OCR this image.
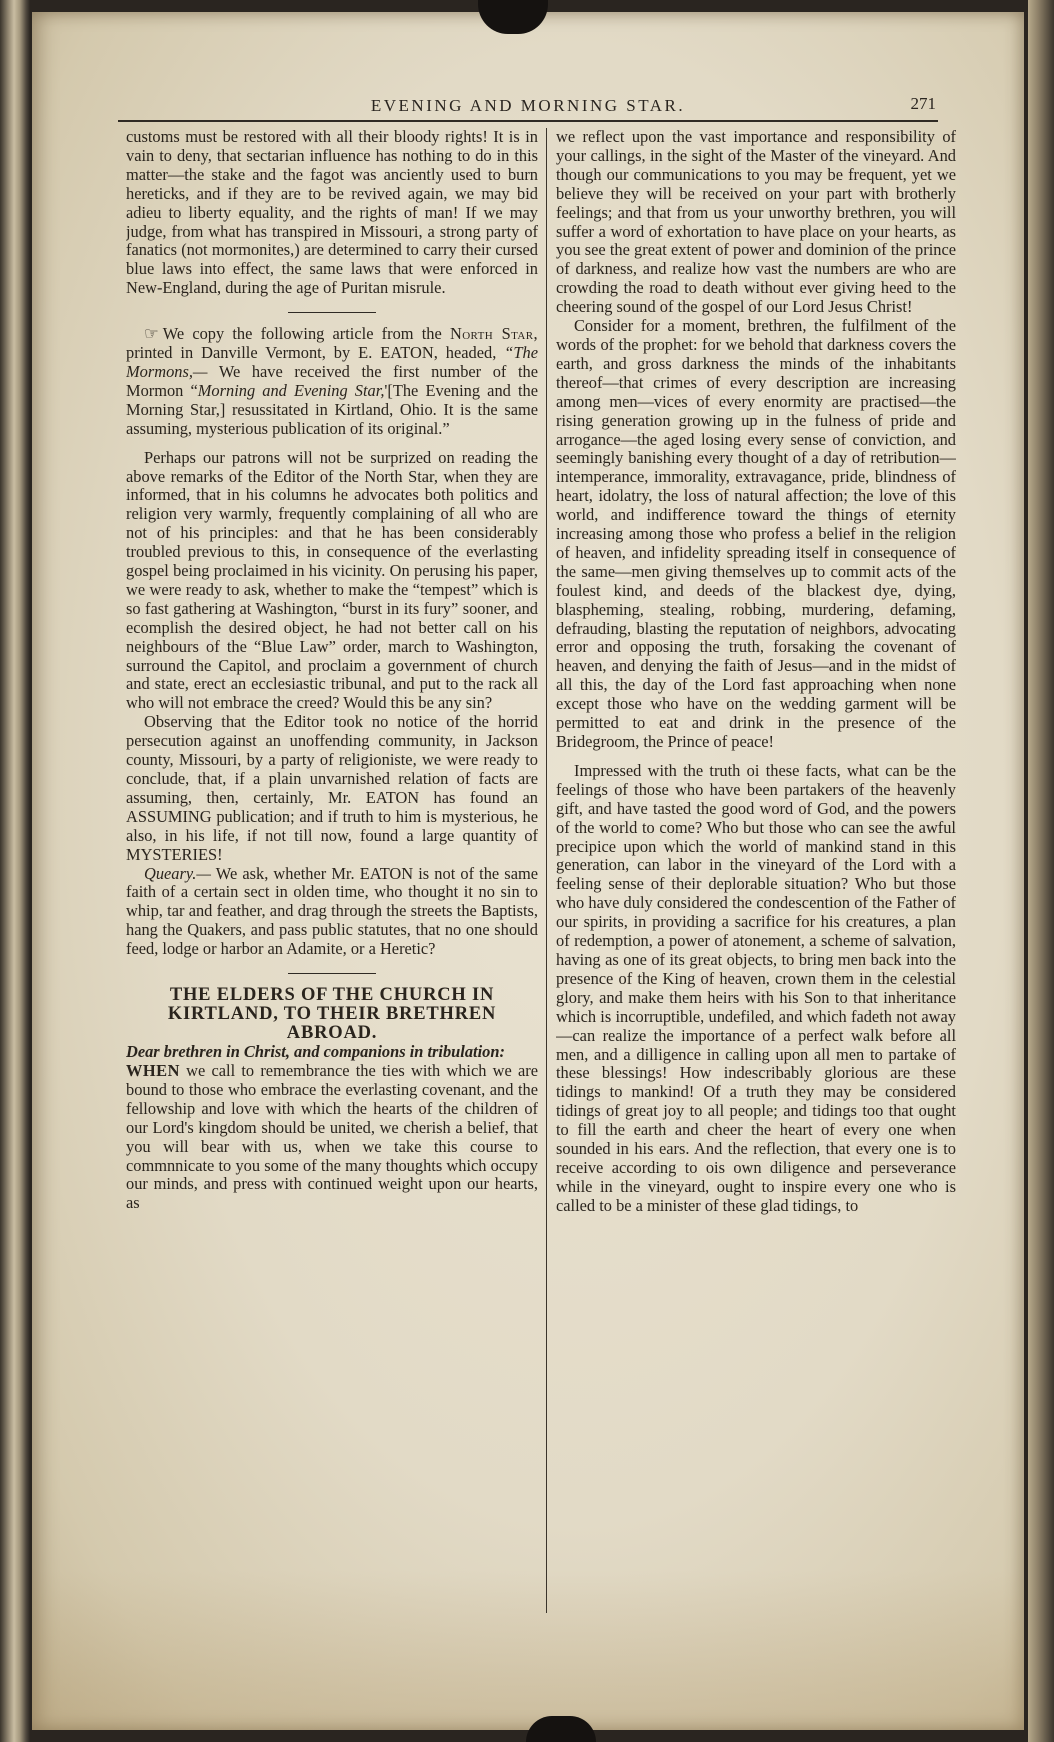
EVENING AND MORNING STAR.	271

customs must be restored with all their bloody rights! It is in vain to deny, that sectarian influence has nothing to do in this matter—the stake and the fagot was anciently used to burn hereticks, and if they are to be revived again, we may bid adieu to liberty equality, and the rights of man! If we may judge, from what has transpired in Missouri, a strong party of fanatics (not mormonites,) are determined to carry their cursed blue laws into effect, the same laws that were enforced in New-England, during the age of Puritan misrule.

☞ We copy the following article from the North Star, printed in Danville Vermont, by E. EATON, headed, “The Mormons,— We have received the first number of the Mormon “Morning and Evening Star,'[The Evening and the Morning Star,] resussitated in Kirtland, Ohio. It is the same assuming, mysterious publication of its original.”

Perhaps our patrons will not be surprized on reading the above remarks of the Editor of the North Star, when they are informed, that in his columns he advocates both politics and religion very warmly, frequently complaining of all who are not of his principles: and that he has been considerably troubled previous to this, in consequence of the everlasting gospel being proclaimed in his vicinity. On perusing his paper, we were ready to ask, whether to make the “tempest” which is so fast gathering at Washington, “burst in its fury” sooner, and ecomplish the desired object, he had not better call on his neighbours of the “Blue Law” order, march to Washington, surround the Capitol, and proclaim a government of church and state, erect an ecclesiastic tribunal, and put to the rack all who will not embrace the creed? Would this be any sin?

Observing that the Editor took no notice of the horrid persecution against an unoffending community, in Jackson county, Missouri, by a party of religioniste, we were ready to conclude, that, if a plain unvarnished relation of facts are assuming, then, certainly, Mr. EATON has found an ASSUMING publication; and if truth to him is mysterious, he also, in his life, if not till now, found a large quantity of MYSTERIES!

Queary.— We ask, whether Mr. EATON is not of the same faith of a certain sect in olden time, who thought it no sin to whip, tar and feather, and drag through the streets the Baptists, hang the Quakers, and pass public statutes, that no one should feed, lodge or harbor an Adamite, or a Heretic?

THE ELDERS OF THE CHURCH IN KIRTLAND, TO THEIR BRETHREN ABROAD.

Dear brethren in Christ, and companions in tribulation:

WHEN we call to remembrance the ties with which we are bound to those who embrace the everlasting covenant, and the fellowship and love with which the hearts of the children of our Lord's kingdom should be united, we cherish a belief, that you will bear with us, when we take this course to commnnicate to you some of the many thoughts which occupy our minds, and press with continued weight upon our hearts, as

we reflect upon the vast importance and responsibility of your callings, in the sight of the Master of the vineyard. And though our communications to you may be frequent, yet we believe they will be received on your part with brotherly feelings; and that from us your unworthy brethren, you will suffer a word of exhortation to have place on your hearts, as you see the great extent of power and dominion of the prince of darkness, and realize how vast the numbers are who are crowding the road to death without ever giving heed to the cheering sound of the gospel of our Lord Jesus Christ!

Consider for a moment, brethren, the fulfilment of the words of the prophet: for we behold that darkness covers the earth, and gross darkness the minds of the inhabitants thereof—that crimes of every description are increasing among men—vices of every enormity are practised—the rising generation growing up in the fulness of pride and arrogance—the aged losing every sense of conviction, and seemingly banishing every thought of a day of retribution—intemperance, immorality, extravagance, pride, blindness of heart, idolatry, the loss of natural affection; the love of this world, and indifference toward the things of eternity increasing among those who profess a belief in the religion of heaven, and infidelity spreading itself in consequence of the same—men giving themselves up to commit acts of the foulest kind, and deeds of the blackest dye, dying, blaspheming, stealing, robbing, murdering, defaming, defrauding, blasting the reputation of neighbors, advocating error and opposing the truth, forsaking the covenant of heaven, and denying the faith of Jesus—and in the midst of all this, the day of the Lord fast approaching when none except those who have on the wedding garment will be permitted to eat and drink in the presence of the Bridegroom, the Prince of peace!

Impressed with the truth oi these facts, what can be the feelings of those who have been partakers of the heavenly gift, and have tasted the good word of God, and the powers of the world to come? Who but those who can see the awful precipice upon which the world of mankind stand in this generation, can labor in the vineyard of the Lord with a feeling sense of their deplorable situation? Who but those who have duly considered the condescention of the Father of our spirits, in providing a sacrifice for his creatures, a plan of redemption, a power of atonement, a scheme of salvation, having as one of its great objects, to bring men back into the presence of the King of heaven, crown them in the celestial glory, and make them heirs with his Son to that inheritance which is incorruptible, undefiled, and which fadeth not away—can realize the importance of a perfect walk before all men, and a dilligence in calling upon all men to partake of these blessings! How indescribably glorious are these tidings to mankind! Of a truth they may be considered tidings of great joy to all people; and tidings too that ought to fill the earth and cheer the heart of every one when sounded in his ears. And the reflection, that every one is to receive according to ois own diligence and perseverance while in the vineyard, ought to inspire every one who is called to be a minister of these glad tidings, to
